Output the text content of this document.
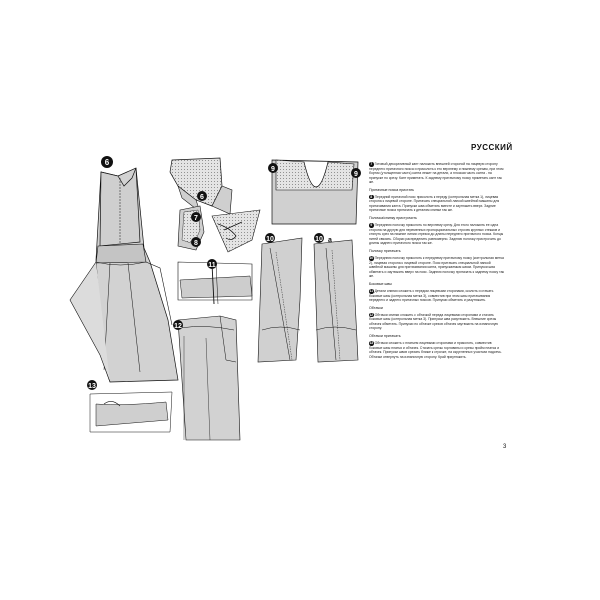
6
6
7
8
9
9
11
12
13
10	10 a
РУССКИЙ
7 Готовый декоративный кант наложить внешней стороной на лицевую сторону переднего притачного пояса и приколоть к его верхнему и нижнему срезам, при этом бортик (утолщенная часть) канта лежит на детали, а плоская часть канта - на припуске по срезу. Кант приметать. К заднему притачному поясу приметать кант так же.
Притачные пояса пристать
8 Передний притачной пояс приколоть к переду (контрольная метка 1), лицевая сторона к лицевой стороне. Притачать специальной лапкой швейной машины для притачивания канта. Припуски шва обметать вместе и заутюжить вверх. Задние притачные пояса притачать к деталям спинки так же.
Полочка/спинку пристрочить
9 Переднюю полочку приколоть по верхнему срезу. Для этого наложить ее одна сторона на другую для переменных пропорциональных строчек крупных стежков и стянуть срез на нижние линии отрезки до длины переднего притачного пояса. Концы нитей связать. Сборки распределить равномерно. Заднюю полочку пристрочить до длины заднего притачного пояса так же.
Полочку притачать
10Переднюю полочку приколоть к переднему притачному поясу (контрольная метка 2), лицевая сторона к лицевой стороне. Пояс притачать специальной лапкой швейной машины для притачивания канта, припускаемым швом. Припуски шва обметать и заутюжить вверх на пояс. Заднюю полочку притачать к заднему поясу так же.
Боковые швы
11 Детали спинки сложить с передом лицевыми сторонами, сколоть и стачать боковые швы (контрольная метка 3), совместив при этом швы притачивания переднего и заднего притачных поясов. Припуски обметать и разутюжить.
Обтачки
12Обтачки спинки сложить с обтачкой переда лицевыми сторонами и стачать боковые швы (контрольная метка 3). Припуски шва разутюжить. Внешние срезы обтачек обметать. Припуски по обтачке срезов обтачек заутюжить на изнаночную сторону.
Обтачки притачать
13Обтачки сложить с платьем лицевыми сторонами и приколоть, совместив боковые швы платья и обтачек. Стачать срезы горловины и срезы пройм платья и обтачек. Припуски швов срезать ближе к строчке, на скругленных участках надсечь. Обтачки отвернуть на изнаночную сторону. Край приутюжить.
3
